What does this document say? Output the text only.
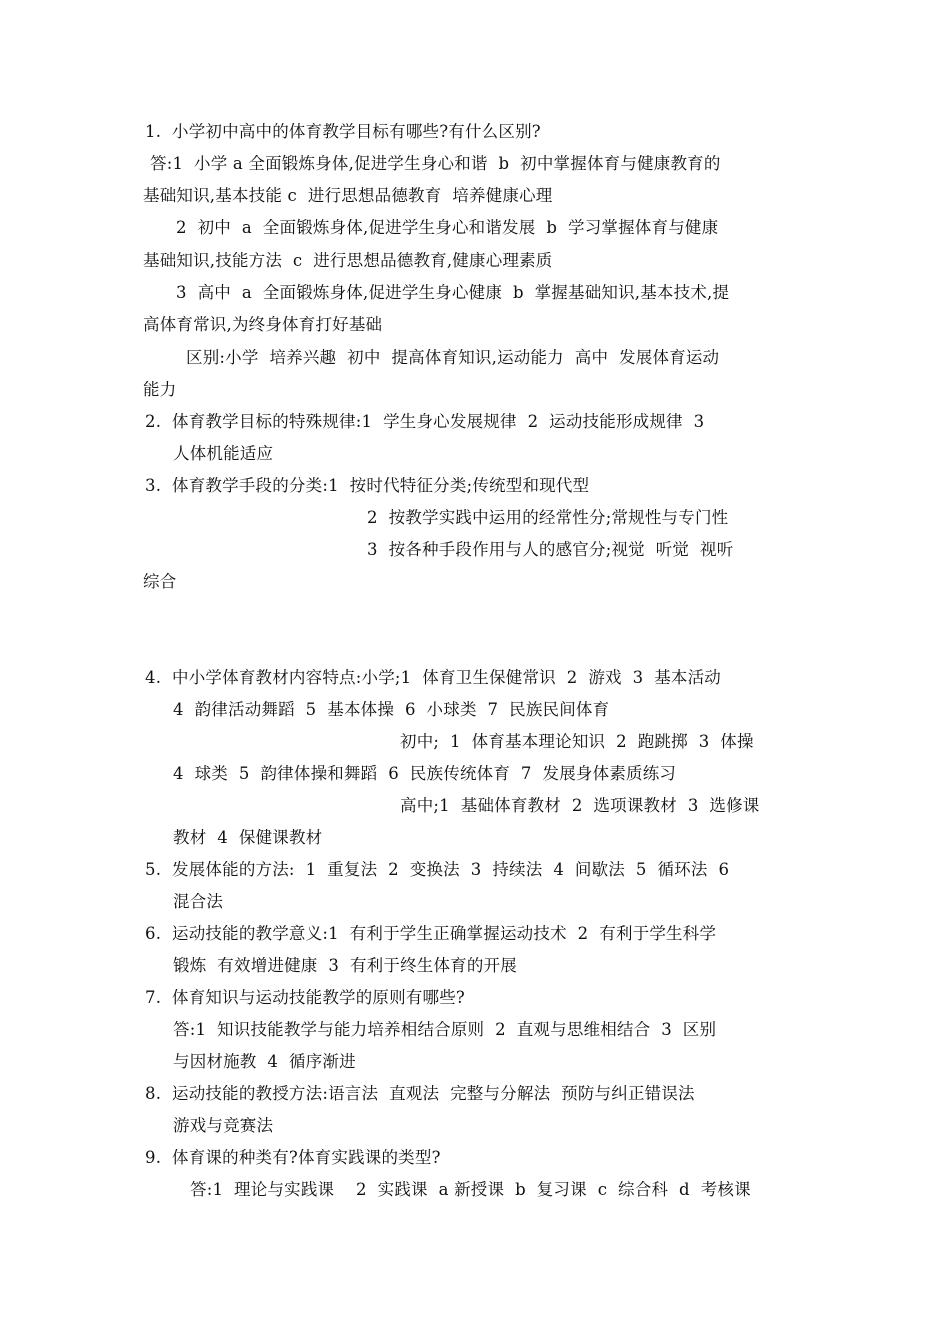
1.  小学初中高中的体育教学目标有哪些?有什么区别?
答:1  小学 a 全面锻炼身体,促进学生身心和谐  b  初中掌握体育与健康教育的
基础知识,基本技能 c  进行思想品德教育  培养健康心理
2  初中  a  全面锻炼身体,促进学生身心和谐发展  b  学习掌握体育与健康
基础知识,技能方法  c  进行思想品德教育,健康心理素质
3  高中  a  全面锻炼身体,促进学生身心健康  b  掌握基础知识,基本技术,提
高体育常识,为终身体育打好基础
区别:小学  培养兴趣  初中  提高体育知识,运动能力  高中  发展体育运动
能力
2.  体育教学目标的特殊规律:1  学生身心发展规律  2  运动技能形成规律  3
人体机能适应
3.  体育教学手段的分类:1  按时代特征分类;传统型和现代型
2  按教学实践中运用的经常性分;常规性与专门性
3  按各种手段作用与人的感官分;视觉  听觉  视听
综合
4.  中小学体育教材内容特点:小学;1  体育卫生保健常识  2  游戏  3  基本活动
4  韵律活动舞蹈  5  基本体操  6  小球类  7  民族民间体育
初中;  1  体育基本理论知识  2  跑跳掷  3  体操
4  球类  5  韵律体操和舞蹈  6  民族传统体育  7  发展身体素质练习
高中;1  基础体育教材  2  选项课教材  3  选修课
教材  4  保健课教材
5.  发展体能的方法:  1  重复法  2  变换法  3  持续法  4  间歇法  5  循环法  6
混合法
6.  运动技能的教学意义:1  有利于学生正确掌握运动技术  2  有利于学生科学
锻炼  有效增进健康  3  有利于终生体育的开展
7.  体育知识与运动技能教学的原则有哪些?
答:1  知识技能教学与能力培养相结合原则  2  直观与思维相结合  3  区别
与因材施教  4  循序渐进
8.  运动技能的教授方法:语言法  直观法  完整与分解法  预防与纠正错误法
游戏与竞赛法
9.  体育课的种类有?体育实践课的类型?
答:1  理论与实践课    2  实践课  a 新授课  b  复习课  c  综合科  d  考核课
